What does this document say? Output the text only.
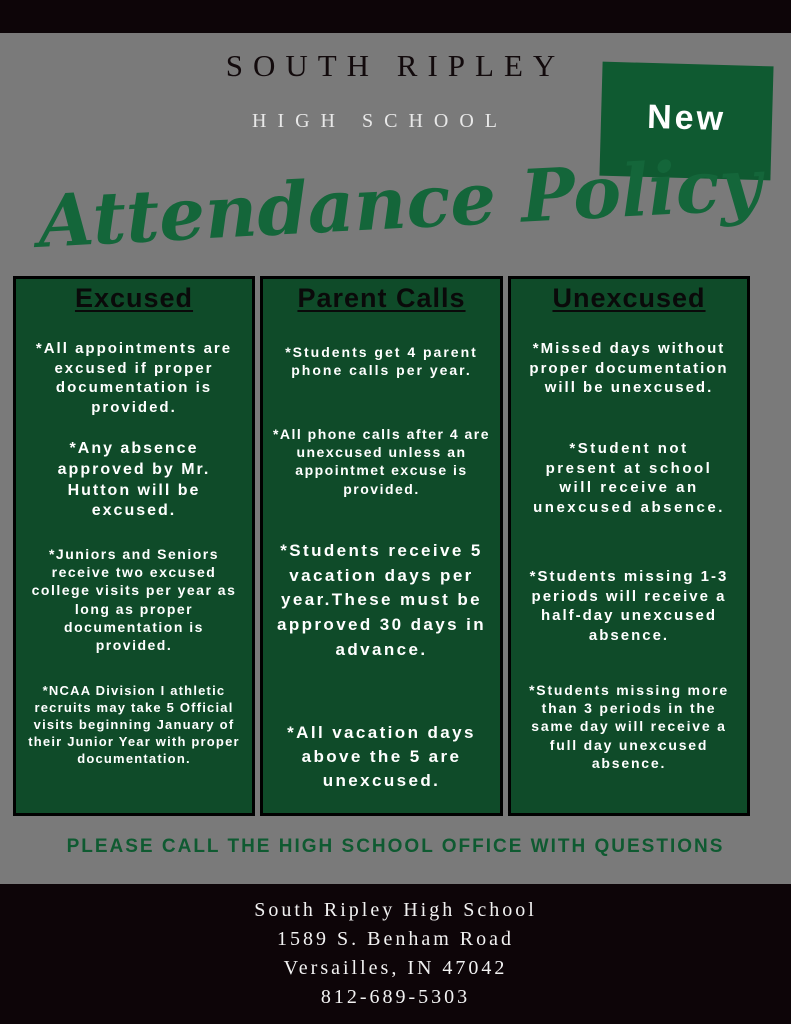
SOUTH RIPLEY
HIGH SCHOOL	New
Attendance Policy
Excused
*All appointments are excused if proper documentation is provided.
*Any absence approved by Mr. Hutton will be excused.
*Juniors and Seniors receive two excused college visits per year as long as proper documentation is provided.
*NCAA Division I athletic recruits may take 5 Official visits beginning January of their Junior Year with proper documentation.
Parent Calls
*Students get 4 parent phone calls per year.
*All phone calls after 4 are unexcused unless an appointmet excuse is provided.
*Students receive 5 vacation days per year.These must be approved 30 days in advance.
*All vacation days above the 5 are unexcused.
Unexcused
*Missed days without proper documentation will be unexcused.
*Student not present at school will receive an unexcused absence.
*Students missing 1-3 periods will receive a half-day unexcused absence.
*Students missing more than 3 periods in the same day will receive a full day unexcused absence.
PLEASE CALL THE HIGH SCHOOL OFFICE WITH QUESTIONS
South Ripley High School
1589 S. Benham Road
Versailles, IN 47042
812-689-5303
